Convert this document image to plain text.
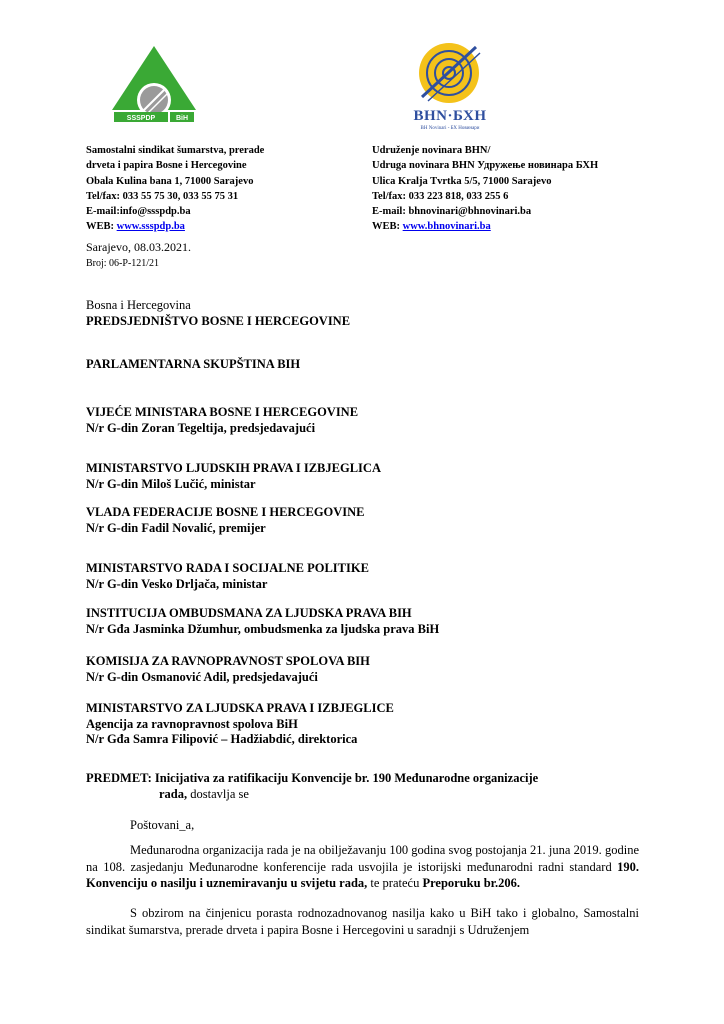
SSSPDP	BiH	BHN·БХН
BH Novinari - БХ Новинари
Samostalni sindikat šumarstva, prerade
drveta i papira Bosne i Hercegovine
Obala Kulina bana 1, 71000 Sarajevo
Tel/fax: 033 55 75 30, 033 55 75 31
E-mail:info@ssspdp.ba
WEB: www.ssspdp.ba
Udruženje novinara BHN/
Udruga novinara BHN Удружење новинара БХН
Ulica Kralja Tvrtka 5/5, 71000 Sarajevo
Tel/fax: 033 223 818, 033 255 6
E-mail: bhnovinari@bhnovinari.ba
WEB: www.bhnovinari.ba
Sarajevo, 08.03.2021.
Broj: 06-P-121/21
Bosna i Hercegovina
PREDSJEDNIŠTVO BOSNE I HERCEGOVINE
PARLAMENTARNA SKUPŠTINA BIH
VIJEĆE MINISTARA BOSNE I HERCEGOVINE
N/r G-din Zoran Tegeltija, predsjedavajući
MINISTARSTVO LJUDSKIH PRAVA I IZBJEGLICA
N/r G-din Miloš Lučić, ministar
VLADA FEDERACIJE BOSNE I HERCEGOVINE
N/r G-din Fadil Novalić, premijer
MINISTARSTVO RADA I SOCIJALNE POLITIKE
N/r G-din Vesko Drljača, ministar
INSTITUCIJA OMBUDSMANA ZA LJUDSKA PRAVA BIH
N/r Gđa Jasminka Džumhur, ombudsmenka za ljudska prava BiH
KOMISIJA ZA RAVNOPRAVNOST SPOLOVA BIH
N/r G-din Osmanović Adil, predsjedavajući
MINISTARSTVO ZA LJUDSKA PRAVA I IZBJEGLICE
Agencija za ravnopravnost spolova BiH
N/r Gđa Samra Filipović – Hadžiabdić, direktorica
PREDMET: Inicijativa za ratifikaciju Konvencije br. 190 Međunarodne organizacije
rada, dostavlja se
Poštovani_a,
Međunarodna organizacija rada je na obilježavanju 100 godina svog postojanja 21. juna 2019. godine na 108. zasjedanju Međunarodne konferencije rada usvojila je istorijski međunarodni radni standard 190. Konvenciju o nasilju i uznemiravanju u svijetu rada, te prateću Preporuku br.206.
S obzirom na činjenicu porasta rodnozadnovanog nasilja kako u BiH tako i globalno, Samostalni sindikat šumarstva, prerade drveta i papira Bosne i Hercegovini u saradnji s Udruženjem
